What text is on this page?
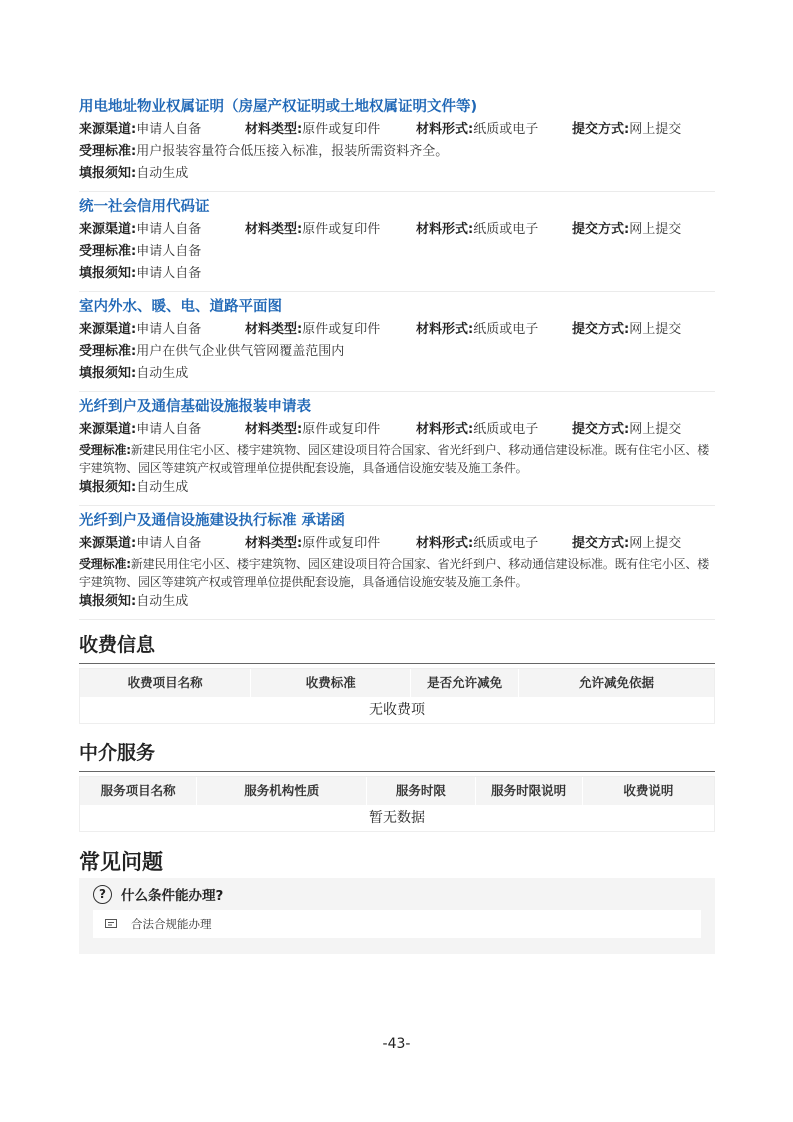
用电地址物业权属证明（房屋产权证明或土地权属证明文件等)
来源渠道:申请人自备	材料类型:原件或复印件	材料形式:纸质或电子	提交方式:网上提交
受理标准:用户报装容量符合低压接入标准，报装所需资料齐全。
填报须知:自动生成
统一社会信用代码证
来源渠道:申请人自备	材料类型:原件或复印件	材料形式:纸质或电子	提交方式:网上提交
受理标准:申请人自备
填报须知:申请人自备
室内外水、暖、电、道路平面图
来源渠道:申请人自备	材料类型:原件或复印件	材料形式:纸质或电子	提交方式:网上提交
受理标准:用户在供气企业供气管网覆盖范围内
填报须知:自动生成
光纤到户及通信基础设施报装申请表
来源渠道:申请人自备	材料类型:原件或复印件	材料形式:纸质或电子	提交方式:网上提交
受理标准:新建民用住宅小区、楼宇建筑物、园区建设项目符合国家、省光纤到户、移动通信建设标准。既有住宅小区、楼宇建筑物、园区等建筑产权或管理单位提供配套设施，具备通信设施安装及施工条件。
填报须知:自动生成
光纤到户及通信设施建设执行标准 承诺函
来源渠道:申请人自备	材料类型:原件或复印件	材料形式:纸质或电子	提交方式:网上提交
受理标准:新建民用住宅小区、楼宇建筑物、园区建设项目符合国家、省光纤到户、移动通信建设标准。既有住宅小区、楼宇建筑物、园区等建筑产权或管理单位提供配套设施，具备通信设施安装及施工条件。
填报须知:自动生成
收费信息
收费项目名称	收费标准	是否允许减免	允许减免依据
无收费项
中介服务
服务项目名称	服务机构性质	服务时限	服务时限说明	收费说明
暂无数据
常见问题
?	什么条件能办理?
合法合规能办理
-43-
